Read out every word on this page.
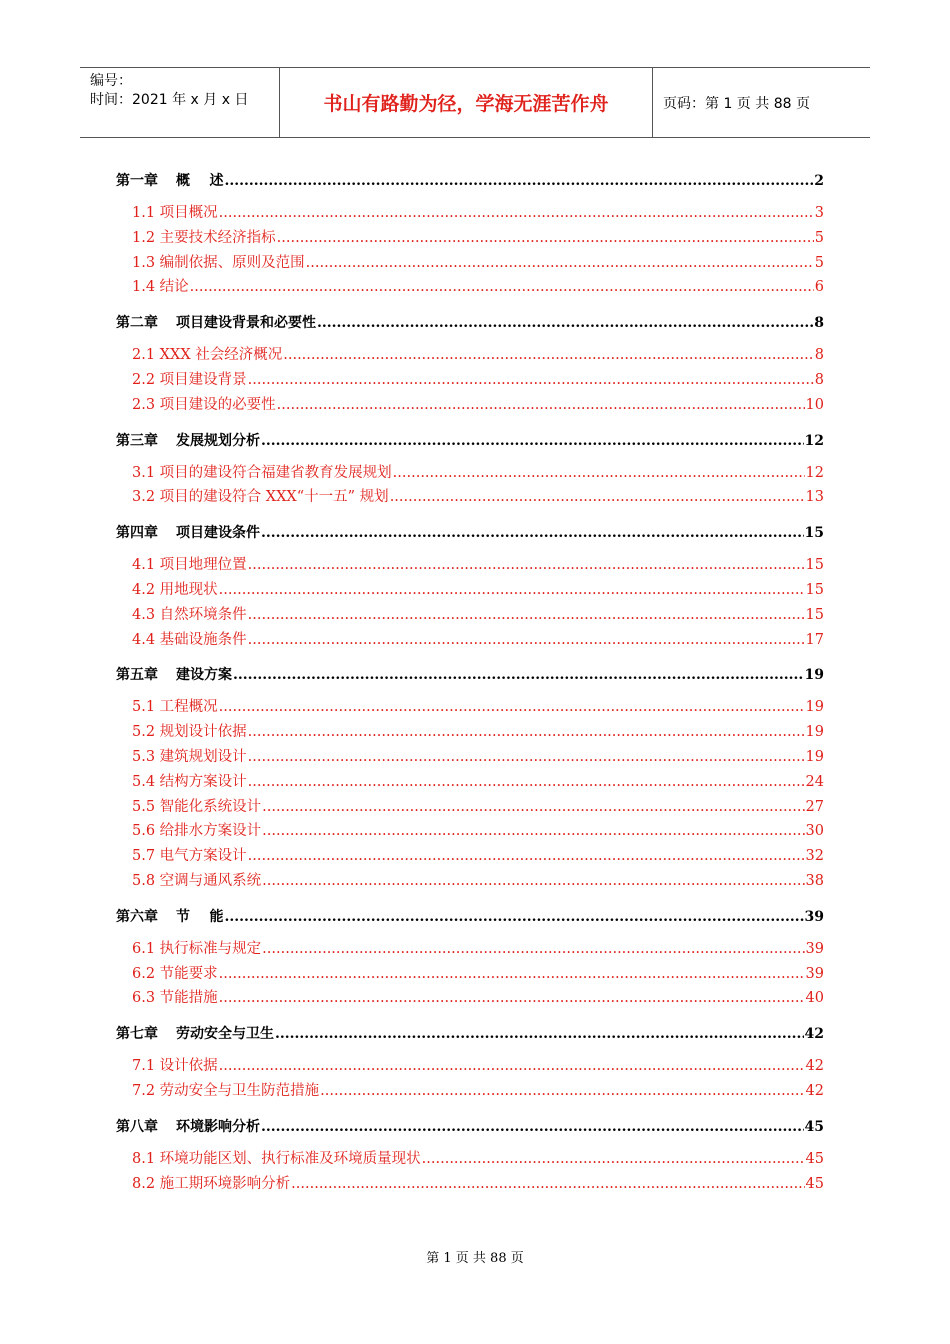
编号：
时间：2021 年 x 月 x 日	书山有路勤为径，学海无涯苦作舟	页码：第 1 页 共 88 页
第一章 概    述 .....	2
1.1 项目概况 .....	3
1.2 主要技术经济指标 .....	5
1.3 编制依据、原则及范围 .....	5
1.4 结论 .....	6
第二章 项目建设背景和必要性 .....	8
2.1 XXX 社会经济概况 .....	8
2.2 项目建设背景 .....	8
2.3 项目建设的必要性 .....	10
第三章 发展规划分析 .....	12
3.1 项目的建设符合福建省教育发展规划 .....	12
3.2 项目的建设符合 XXX“十一五” 规划 .....	13
第四章 项目建设条件 .....	15
4.1 项目地理位置 .....	15
4.2 用地现状 .....	15
4.3 自然环境条件 .....	15
4.4 基础设施条件 .....	17
第五章 建设方案 .....	19
5.1 工程概况 .....	19
5.2 规划设计依据 .....	19
5.3 建筑规划设计 .....	19
5.4 结构方案设计 .....	24
5.5 智能化系统设计 .....	27
5.6 给排水方案设计 .....	30
5.7 电气方案设计 .....	32
5.8 空调与通风系统 .....	38
第六章 节    能 .....	39
6.1 执行标准与规定 .....	39
6.2 节能要求 .....	39
6.3 节能措施 .....	40
第七章 劳动安全与卫生 .....	42
7.1 设计依据 .....	42
7.2 劳动安全与卫生防范措施 .....	42
第八章 环境影响分析 .....	45
8.1 环境功能区划、执行标准及环境质量现状 .....	45
8.2 施工期环境影响分析 .....	45
第 1 页 共 88 页
